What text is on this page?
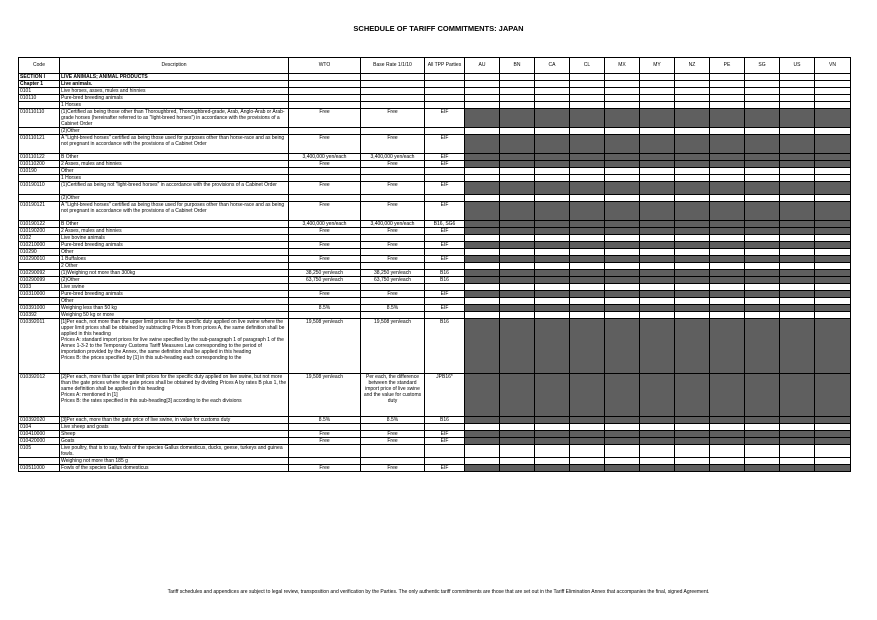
SCHEDULE OF TARIFF COMMITMENTS: JAPAN
Code	Description	WTO	Base Rate 1/1/10	All TPP Parties	AU	BN	CA	CL	MX	MY	NZ	PE	SG	US	VN
SECTION I	LIVE ANIMALS; ANIMAL PRODUCTS														
Chapter 1	Live animals.														
0101	Live horses, asses, mules and hinnies														
010110	Pure-bred breeding animals														
	1 Horses														
010110110	(1)Certified as being those other than Thoroughbred, Thoroughbred-grade, Arab, Anglo-Arab or Arab-grade horses (hereinafter referred to as "light-breed horses") in accordance with the provisions of a Cabinet Order	Free	Free	EIF											
	(2)Other														
010110121	A "Light-breed horses" certified as being those used for purposes other than horse-race and as being not pregnant in accordance with the provisions of a Cabinet Order	Free	Free	EIF											
010110122	B Other	3,400,000 yen/each	3,400,000 yen/each	EIF											
010110200	2 Asses, mules and hinnies	Free	Free	EIF											
010190	Other														
	1 Horses														
010190110	(1)Certified as being not "light-breed horses" in accordance with the provisions of a Cabinet Order	Free	Free	EIF											
	(2)Other														
010190121	A "Light-breed horses" certified as being those used for purposes other than horse-race and as being not pregnant in accordance with the provisions of a Cabinet Order	Free	Free	EIF											
010190122	B Other	3,400,000 yen/each	3,400,000 yen/each	B16, SG6											
010190200	2 Asses, mules and hinnies	Free	Free	EIF											
0102	Live bovine animals														
010210000	Pure-bred breeding animals	Free	Free	EIF											
010290	Other														
010290010	1 Buffaloes	Free	Free	EIF											
	2 Other														
010290092	(1)Weighing not more than 300kg	38,250 yen/each	38,250 yen/each	B16											
010290099	(2)Other	63,750 yen/each	63,750 yen/each	B16											
0103	Live swine														
010310000	Pure-bred breeding animals	Free	Free	EIF											
	Other														
010391000	Weighing less than 50 kg	8.5%	8.5%	EIF											
010392	Weighing 50 kg or more														
010392011	[1]Per each, not more than the upper limit prices for the specific duty applied on live swine where the upper limit prices shall be obtained by subtracting Prices B from prices A, the same definition shall be applied in this heading
Prices A: standard import prices for live swine specified by the sub-paragraph 1 of paragraph 1 of the Annex 1-3-2 to the Temporary Customs Tariff Measures Law corresponding to the period of importation provided by the Annex, the same definition shall be applied in this heading
Prices B: the prices specified by [1] in this sub-heading each corresponding to the	19,508 yen/each	19,508 yen/each	B16											
010392012	[2]Per each, more than the upper limit prices for the specific duty applied on live swine, but not more than the gate prices where the gate prices shall be obtained by dividing Prices A by rates B plus 1, the same definition shall be applied in this heading
Prices A: mentioned in [1]
Prices B: the rates specified in this sub-heading[3] according to the each divisions	19,508 yen/each	Per each, the difference between the standard import price of live swine and the value for customs duty	JPB16*											
010392020	[3]Per each, more than the gate price of live swine, in value for customs duty	8.5%	8.5%	B16											
0104	Live sheep and goats														
010410000	Sheep	Free	Free	EIF											
010420000	Goats	Free	Free	EIF											
0105	Live poultry, that is to say, fowls of the species Gallus domesticus, ducks, geese, turkeys and guinea fowls.														
	Weighing not more than 185 g														
010511000	Fowls of the species Gallus domesticus	Free	Free	EIF											
Tariff schedules and appendices are subject to legal review, transposition and verification by the Parties. The only authentic tariff commitments are those that are set out in the Tariff Elimination Annex that accompanies the final, signed Agreement.
